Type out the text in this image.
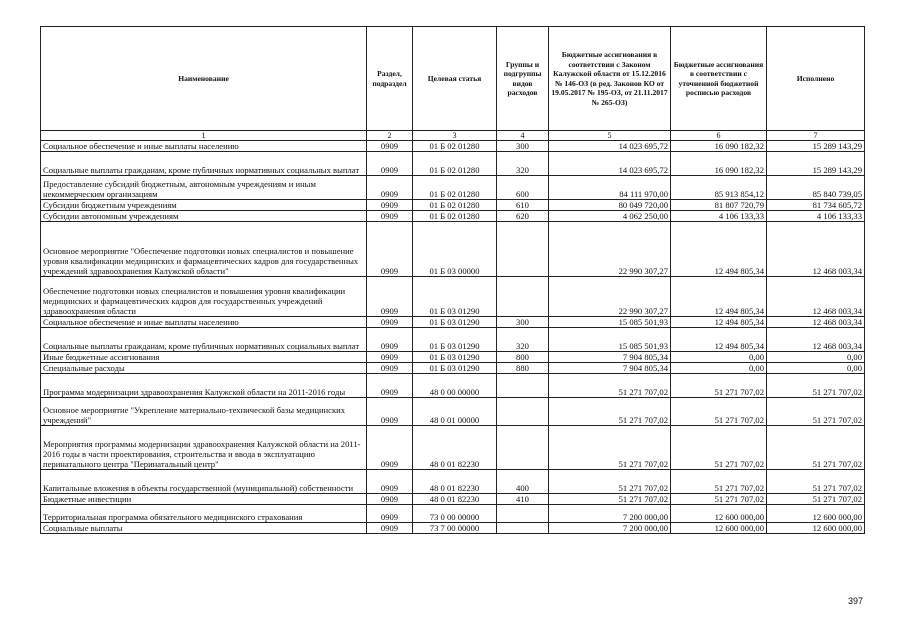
Наименование	Раздел, подраздел	Целевая статья	Группы и подгруппы видов расходов	Бюджетные ассигнования в соответствии с Законом Калужской области от 15.12.2016 № 146-ОЗ (в ред. Законов КО от 19.05.2017 № 195-ОЗ, от 21.11.2017 № 265-ОЗ)	Бюджетные ассигнования в соответствии с уточненной бюджетной росписью расходов	Исполнено
1	2	3	4	5	6	7
Социальное обеспечение и иные выплаты населению	0909	01 Б 02 01280	300	14 023 695,72	16 090 182,32	15 289 143,29
Социальные выплаты гражданам, кроме публичных нормативных социальных выплат	0909	01 Б 02 01280	320	14 023 695,72	16 090 182,32	15 289 143,29
Предоставление субсидий бюджетным, автономным учреждениям и иным некоммерческим организациям	0909	01 Б 02 01280	600	84 111 970,00	85 913 854,12	85 840 739,05
Субсидии бюджетным учреждениям	0909	01 Б 02 01280	610	80 049 720,00	81 807 720,79	81 734 605,72
Субсидии автономным учреждениям	0909	01 Б 02 01280	620	4 062 250,00	4 106 133,33	4 106 133,33
Основное мероприятие "Обеспечение подготовки новых специалистов и повышение уровня квалификации медицинских и фармацевтических кадров для государственных учреждений здравоохранения Калужской области"	0909	01 Б 03 00000		22 990 307,27	12 494 805,34	12 468 003,34
Обеспечение подготовки новых специалистов и повышения уровня квалификации медицинских и фармацевтических кадров для государственных учреждений здравоохранения области	0909	01 Б 03 01290		22 990 307,27	12 494 805,34	12 468 003,34
Социальное обеспечение и иные выплаты населению	0909	01 Б 03 01290	300	15 085 501,93	12 494 805,34	12 468 003,34
Социальные выплаты гражданам, кроме публичных нормативных социальных выплат	0909	01 Б 03 01290	320	15 085 501,93	12 494 805,34	12 468 003,34
Иные бюджетные ассигнования	0909	01 Б 03 01290	800	7 904 805,34	0,00	0,00
Специальные расходы	0909	01 Б 03 01290	880	7 904 805,34	0,00	0,00
Программа модернизации здравоохранения Калужской области на 2011-2016 годы	0909	48 0 00 00000		51 271 707,02	51 271 707,02	51 271 707,02
Основное мероприятие "Укрепление материально-технической базы медицинских учреждений"	0909	48 0 01 00000		51 271 707,02	51 271 707,02	51 271 707,02
Мероприятия программы модернизации здравоохранения Калужской области на 2011-2016 годы в части проектирования, строительства и ввода в эксплуатацию перинатального центра "Перинатальный центр"	0909	48 0 01 82230		51 271 707,02	51 271 707,02	51 271 707,02
Капитальные вложения в объекты государственной (муниципальной) собственности	0909	48 0 01 82230	400	51 271 707,02	51 271 707,02	51 271 707,02
Бюджетные инвестиции	0909	48 0 01 82230	410	51 271 707,02	51 271 707,02	51 271 707,02
Территориальная программа обязательного медицинского страхования	0909	73 0 00 00000		7 200 000,00	12 600 000,00	12 600 000,00
Социальные выплаты	0909	73 7 00 00000		7 200 000,00	12 600 000,00	12 600 000,00
397
